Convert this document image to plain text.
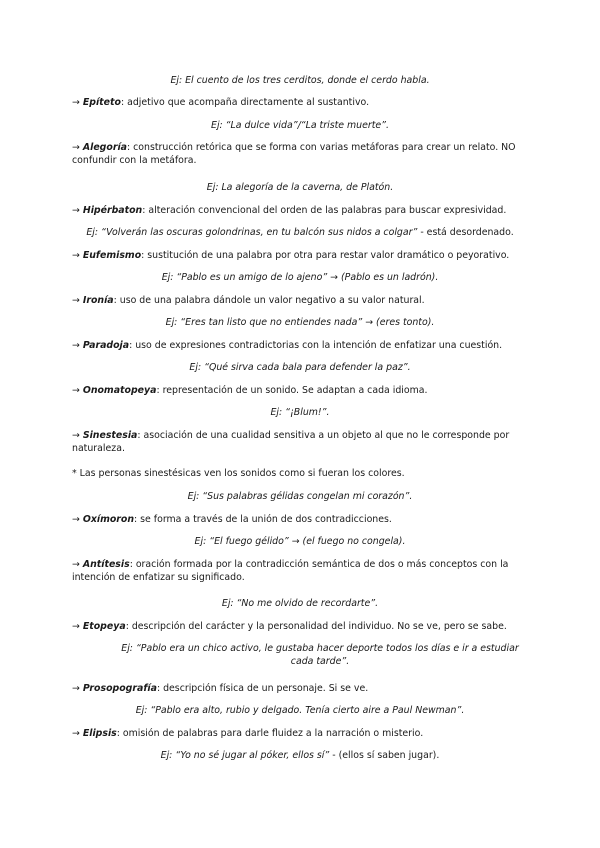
Ej: El cuento de los tres cerditos, donde el cerdo habla.
→ Epíteto: adjetivo que acompaña directamente al sustantivo.
Ej: “La dulce vida”/“La triste muerte”.
→ Alegoría: construcción retórica que se forma con varias metáforas para crear un relato. NO confundir con la metáfora.
Ej: La alegoría de la caverna, de Platón.
→ Hipérbaton: alteración convencional del orden de las palabras para buscar expresividad.
Ej: “Volverán las oscuras golondrinas, en tu balcón sus nidos a colgar” - está desordenado.
→ Eufemismo: sustitución de una palabra por otra para restar valor dramático o peyorativo.
Ej: “Pablo es un amigo de lo ajeno” → (Pablo es un ladrón).
→ Ironía: uso de una palabra dándole un valor negativo a su valor natural.
Ej: “Eres tan listo que no entiendes nada” → (eres tonto).
→ Paradoja: uso de expresiones contradictorias con la intención de enfatizar una cuestión.
Ej: “Qué sirva cada bala para defender la paz”.
→ Onomatopeya: representación de un sonido. Se adaptan a cada idioma.
Ej: “¡Blum!”.
→ Sinestesia: asociación de una cualidad sensitiva a un objeto al que no le corresponde por naturaleza.
* Las personas sinestésicas ven los sonidos como si fueran los colores.
Ej: “Sus palabras gélidas congelan mi corazón”.
→ Oxímoron: se forma a través de la unión de dos contradicciones.
Ej: “El fuego gélido” → (el fuego no congela).
→ Antítesis: oración formada por la contradicción semántica de dos o más conceptos con la intención de enfatizar su significado.
Ej: “No me olvido de recordarte”.
→ Etopeya: descripción del carácter y la personalidad del individuo. No se ve, pero se sabe.
Ej: “Pablo era un chico activo, le gustaba hacer deporte todos los días e ir a estudiar cada tarde”.
→ Prosopografía: descripción física de un personaje. Si se ve.
Ej: “Pablo era alto, rubio y delgado. Tenía cierto aire a Paul Newman”.
→ Elipsis: omisión de palabras para darle fluidez a la narración o misterio.
Ej: “Yo no sé jugar al póker, ellos sí” - (ellos sí saben jugar).
